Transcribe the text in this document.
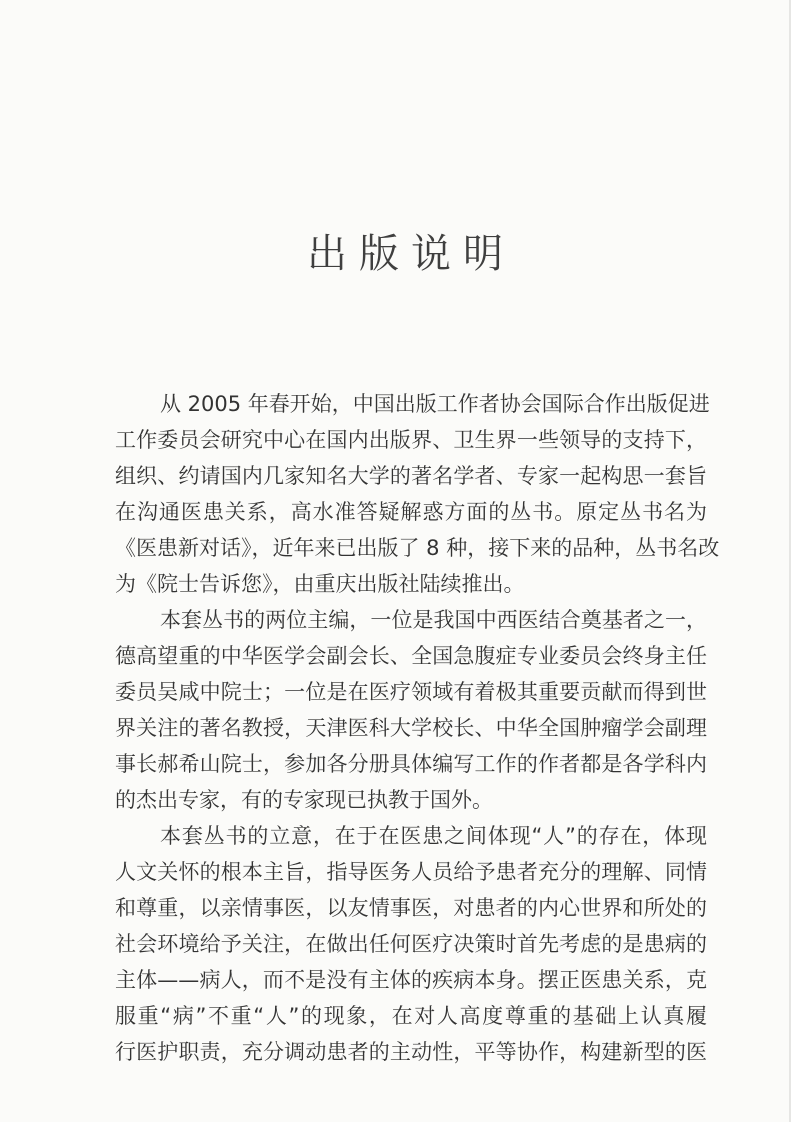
出版说明
从 2005 年春开始，中国出版工作者协会国际合作出版促进
工作委员会研究中心在国内出版界、卫生界一些领导的支持下，
组织、约请国内几家知名大学的著名学者、专家一起构思一套旨
在沟通医患关系，高水准答疑解惑方面的丛书。原定丛书名为
《医患新对话》，近年来已出版了 8 种，接下来的品种，丛书名改
为《院士告诉您》，由重庆出版社陆续推出。
本套丛书的两位主编，一位是我国中西医结合奠基者之一，
德高望重的中华医学会副会长、全国急腹症专业委员会终身主任
委员吴咸中院士；一位是在医疗领域有着极其重要贡献而得到世
界关注的著名教授，天津医科大学校长、中华全国肿瘤学会副理
事长郝希山院士，参加各分册具体编写工作的作者都是各学科内
的杰出专家，有的专家现已执教于国外。
本套丛书的立意，在于在医患之间体现“人”的存在，体现
人文关怀的根本主旨，指导医务人员给予患者充分的理解、同情
和尊重，以亲情事医，以友情事医，对患者的内心世界和所处的
社会环境给予关注，在做出任何医疗决策时首先考虑的是患病的
主体——病人，而不是没有主体的疾病本身。摆正医患关系，克
服重“病”不重“人”的现象，在对人高度尊重的基础上认真履
行医护职责，充分调动患者的主动性，平等协作，构建新型的医
